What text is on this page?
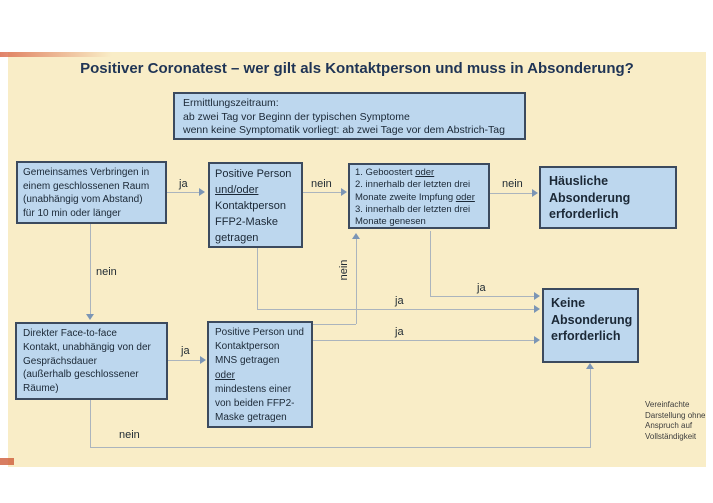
Positiver Coronatest – wer gilt als Kontaktperson und muss in Absonderung?
Ermittlungszeitraum:
ab zwei Tag vor Beginn der typischen Symptome
wenn keine Symptomatik vorliegt: ab zwei Tage vor dem Abstrich-Tag
Gemeinsames Verbringen in
einem geschlossenen Raum
(unabhängig vom Abstand)
für 10 min oder länger
Positive Person
und/oder
Kontaktperson
FFP2-Maske
getragen
1. Geboostert oder
2. innerhalb der letzten drei
Monate zweite Impfung oder
3. innerhalb der letzten drei
Monate genesen
Häusliche
Absonderung
erforderlich
Direkter Face-to-face
Kontakt, unabhängig von der
Gesprächsdauer
(außerhalb geschlossener
Räume)
Positive Person und
Kontaktperson
MNS getragen
oder
mindestens einer
von beiden FFP2-
Maske getragen
Keine
Absonderung
erforderlich
ja	nein	nein
nein
ja
nein
ja
ja
ja
nein
Vereinfachte
Darstellung ohne
Anspruch auf
Vollständigkeit
